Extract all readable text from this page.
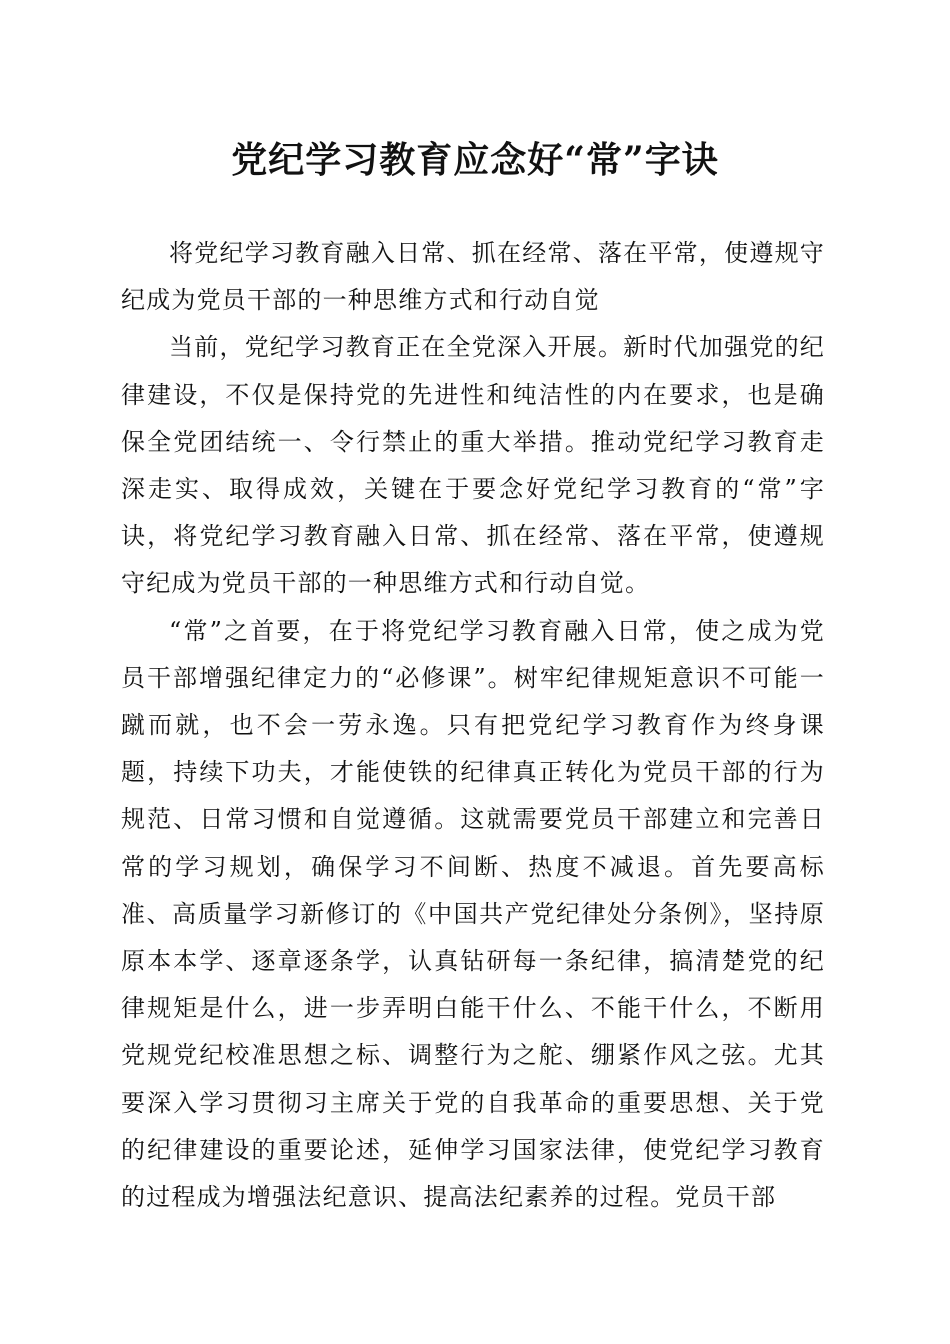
党纪学习教育应念好“常”字诀

将党纪学习教育融入日常、抓在经常、落在平常，使遵规守纪成为党员干部的一种思维方式和行动自觉

当前，党纪学习教育正在全党深入开展。新时代加强党的纪律建设，不仅是保持党的先进性和纯洁性的内在要求，也是确保全党团结统一、令行禁止的重大举措。推动党纪学习教育走深走实、取得成效，关键在于要念好党纪学习教育的“常”字诀，将党纪学习教育融入日常、抓在经常、落在平常，使遵规守纪成为党员干部的一种思维方式和行动自觉。

“常”之首要，在于将党纪学习教育融入日常，使之成为党员干部增强纪律定力的“必修课”。树牢纪律规矩意识不可能一蹴而就，也不会一劳永逸。只有把党纪学习教育作为终身课题，持续下功夫，才能使铁的纪律真正转化为党员干部的行为规范、日常习惯和自觉遵循。这就需要党员干部建立和完善日常的学习规划，确保学习不间断、热度不减退。首先要高标准、高质量学习新修订的《中国共产党纪律处分条例》，坚持原原本本学、逐章逐条学，认真钻研每一条纪律，搞清楚党的纪律规矩是什么，进一步弄明白能干什么、不能干什么，不断用党规党纪校准思想之标、调整行为之舵、绷紧作风之弦。尤其要深入学习贯彻习主席关于党的自我革命的重要思想、关于党的纪律建设的重要论述，延伸学习国家法律，使党纪学习教育的过程成为增强法纪意识、提高法纪素养的过程。党员干部
